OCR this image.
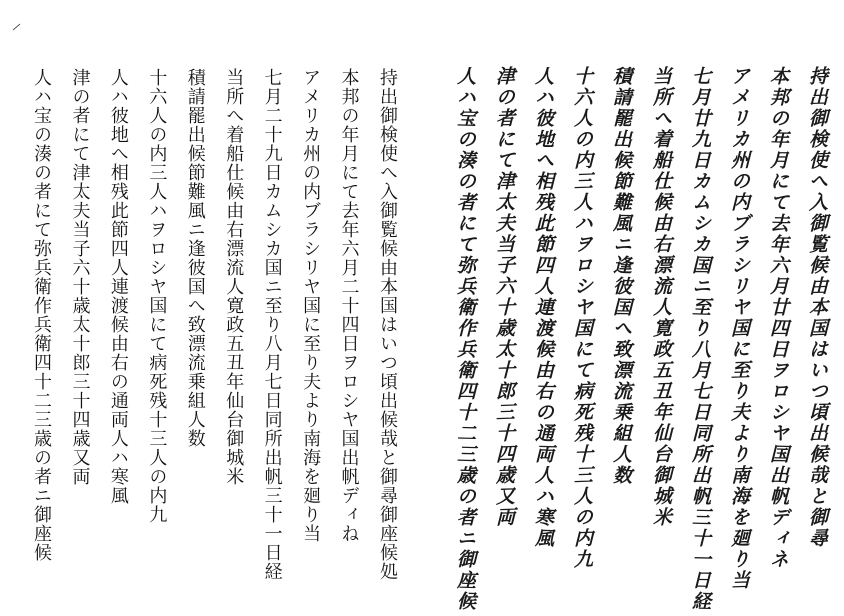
持出御検使へ入御覧候由本国はいつ頃出候哉と御尋御座候処
本邦の年月にて去年六月二十四日ヲロシヤ国出帆ディね
アメリカ州の内ブラシリヤ国に至り夫より南海を廻り当
七月二十九日カムシカ国ニ至り八月七日同所出帆三十一日経
当所へ着船仕候由右漂流人寛政五丑年仙台御城米
積請罷出候節難風ニ逢彼国へ致漂流乗組人数
十六人の内三人ハヲロシヤ国にて病死残十三人の内九
人ハ彼地へ相残此節四人連渡候由右の通両人ハ寒風
津の者にて津太夫当子六十歳太十郎三十四歳又両
人ハ宝の湊の者にて弥兵衛作兵衛四十二三歳の者ニ御座候	持出御検使へ入御覧候由本国はいつ頃出候哉と御尋
本邦の年月にて去年六月廿四日ヲロシヤ国出帆ディネ
アメリカ州の内ブラシリヤ国に至り夫より南海を廻り当
七月廿九日カムシカ国ニ至り八月七日同所出帆三十一日経
当所へ着船仕候由右漂流人寛政五丑年仙台御城米
積請罷出候節難風ニ逢彼国へ致漂流乗組人数
十六人の内三人ハヲロシヤ国にて病死残十三人の内九
人ハ彼地へ相残此節四人連渡候由右の通両人ハ寒風
津の者にて津太夫当子六十歳太十郎三十四歳又両
人ハ宝の湊の者にて弥兵衛作兵衛四十二三歳の者ニ御座候
